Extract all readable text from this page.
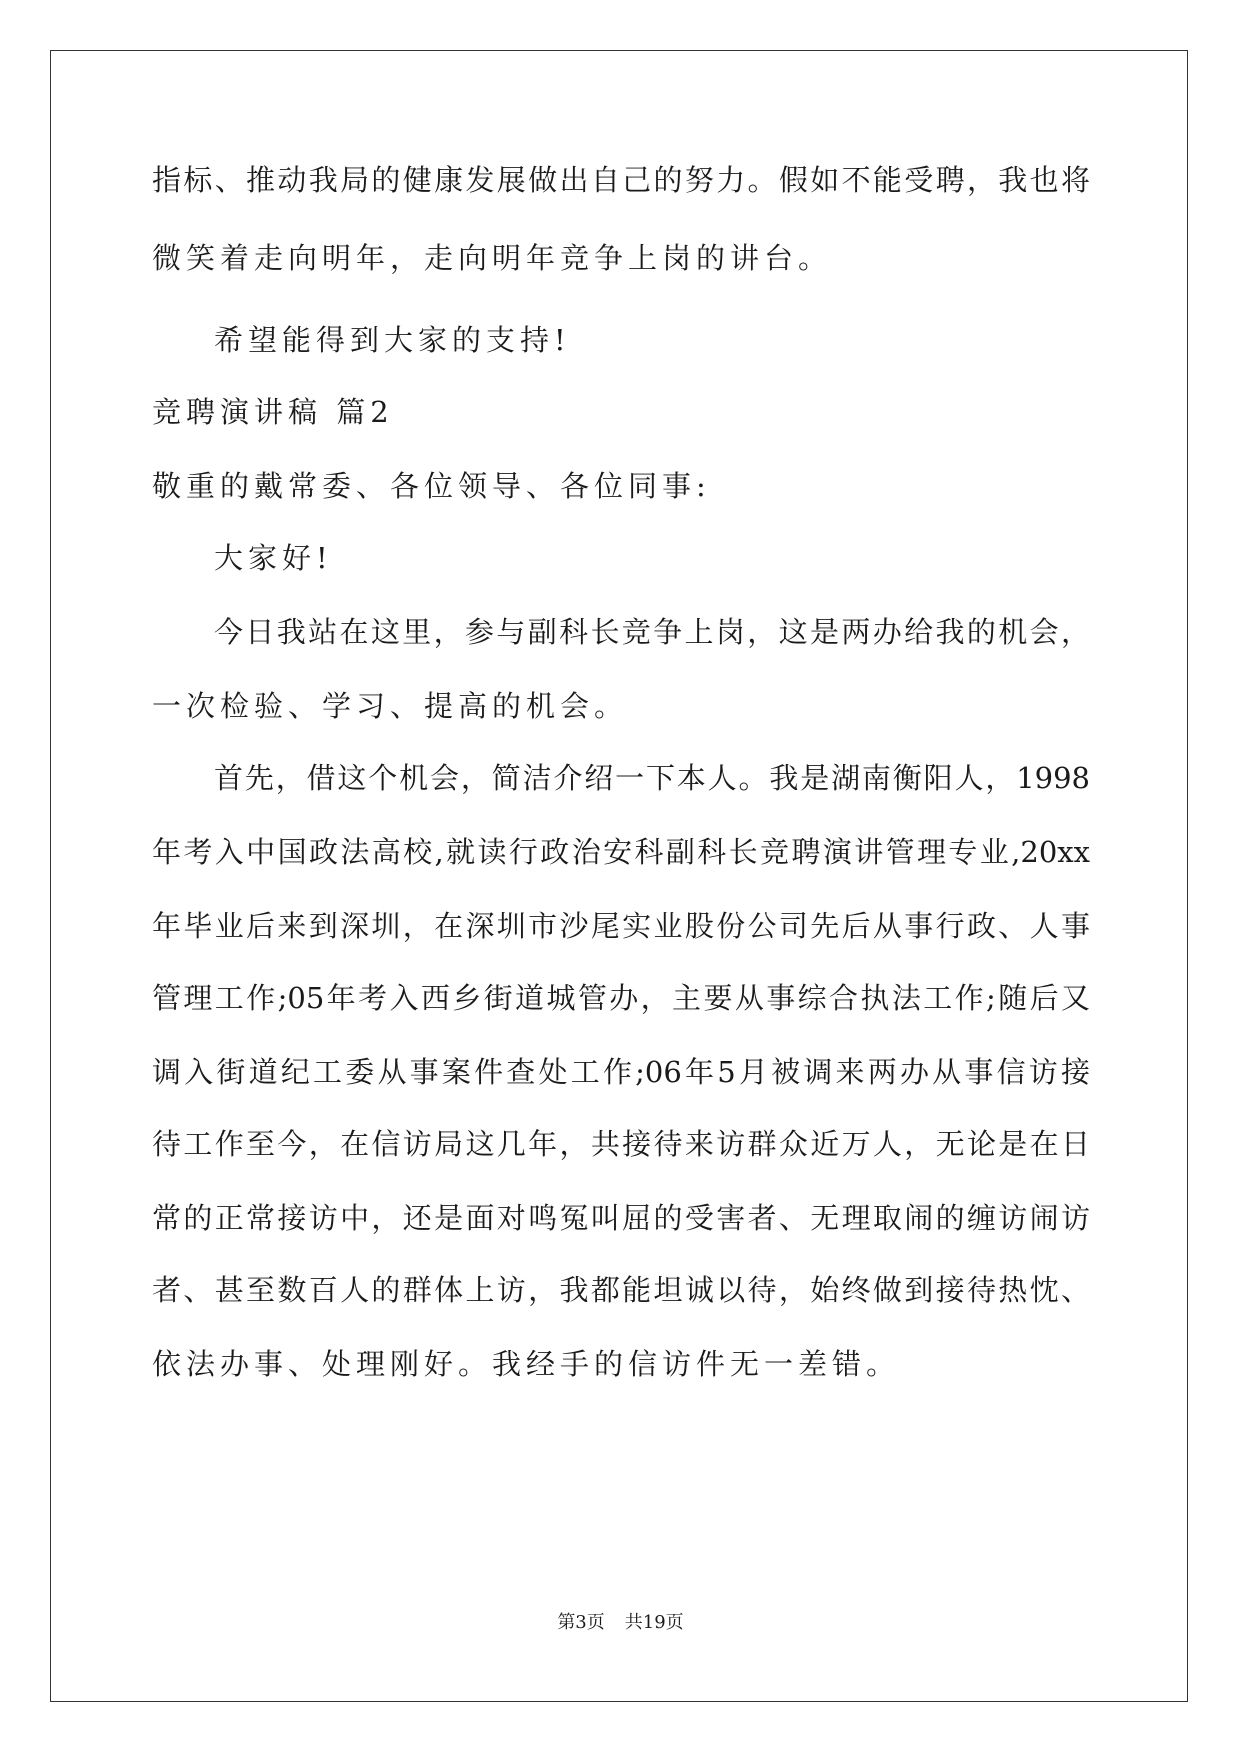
指标、推动我局的健康发展做出自己的努力。假如不能受聘，我也将
微笑着走向明年，走向明年竞争上岗的讲台。
希望能得到大家的支持!
竞聘演讲稿 篇2
敬重的戴常委、各位领导、各位同事:
大家好!
今日我站在这里，参与副科长竞争上岗，这是两办给我的机会，
一次检验、学习、提高的机会。
首先，借这个机会，简洁介绍一下本人。我是湖南衡阳人，1998
年考入中国政法高校,就读行政治安科副科长竞聘演讲管理专业,20xx
年毕业后来到深圳，在深圳市沙尾实业股份公司先后从事行政、人事
管理工作;05年考入西乡街道城管办，主要从事综合执法工作;随后又
调入街道纪工委从事案件查处工作;06年5月被调来两办从事信访接
待工作至今，在信访局这几年，共接待来访群众近万人，无论是在日
常的正常接访中，还是面对鸣冤叫屈的受害者、无理取闹的缠访闹访
者、甚至数百人的群体上访，我都能坦诚以待，始终做到接待热忱、
依法办事、处理刚好。我经手的信访件无一差错。
第3页 共19页
